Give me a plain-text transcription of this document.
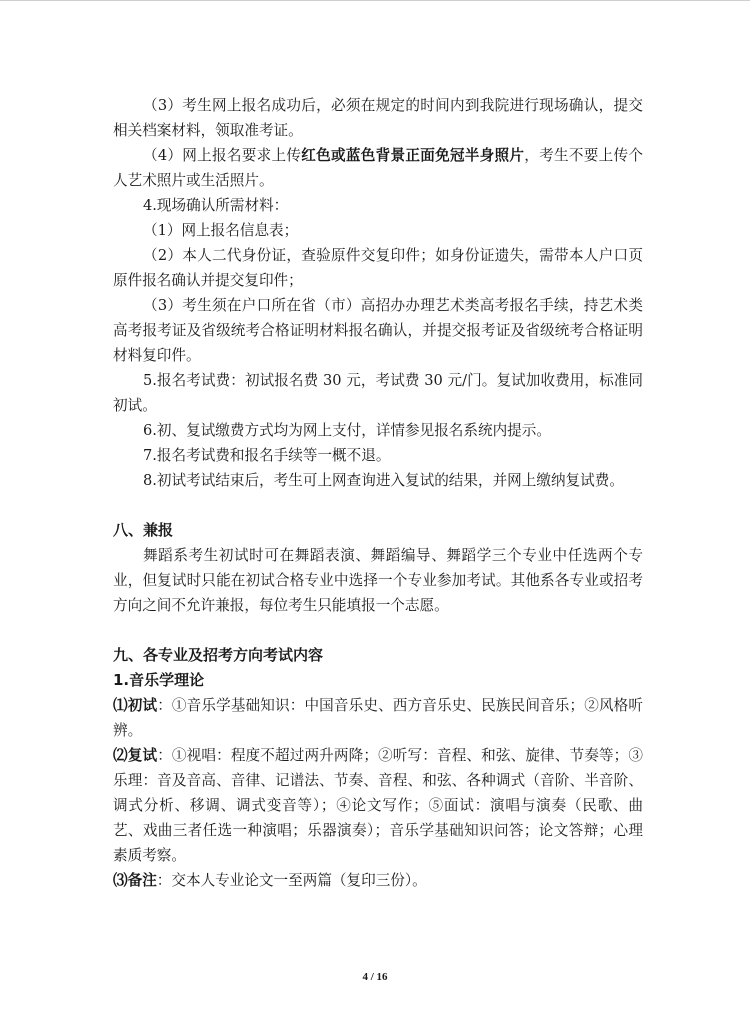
（3）考生网上报名成功后，必须在规定的时间内到我院进行现场确认，提交相关档案材料，领取准考证。

（4）网上报名要求上传红色或蓝色背景正面免冠半身照片，考生不要上传个人艺术照片或生活照片。

4.现场确认所需材料：

（1）网上报名信息表；

（2）本人二代身份证，查验原件交复印件；如身份证遗失，需带本人户口页原件报名确认并提交复印件；

（3）考生须在户口所在省（市）高招办办理艺术类高考报名手续，持艺术类高考报考证及省级统考合格证明材料报名确认，并提交报考证及省级统考合格证明材料复印件。

5.报名考试费：初试报名费 30 元，考试费 30 元/门。复试加收费用，标准同初试。

6.初、复试缴费方式均为网上支付，详情参见报名系统内提示。

7.报名考试费和报名手续等一概不退。

8.初试考试结束后，考生可上网查询进入复试的结果，并网上缴纳复试费。

八、兼报

舞蹈系考生初试时可在舞蹈表演、舞蹈编导、舞蹈学三个专业中任选两个专业，但复试时只能在初试合格专业中选择一个专业参加考试。其他系各专业或招考方向之间不允许兼报，每位考生只能填报一个志愿。

九、各专业及招考方向考试内容

1.音乐学理论

⑴初试：①音乐学基础知识：中国音乐史、西方音乐史、民族民间音乐；②风格听辨。

⑵复试：①视唱：程度不超过两升两降；②听写：音程、和弦、旋律、节奏等；③乐理：音及音高、音律、记谱法、节奏、音程、和弦、各种调式（音阶、半音阶、调式分析、移调、调式变音等）；④论文写作；⑤面试：演唱与演奏（民歌、曲艺、戏曲三者任选一种演唱；乐器演奏）；音乐学基础知识问答；论文答辩；心理素质考察。

⑶备注：交本人专业论文一至两篇（复印三份）。

4 / 16
